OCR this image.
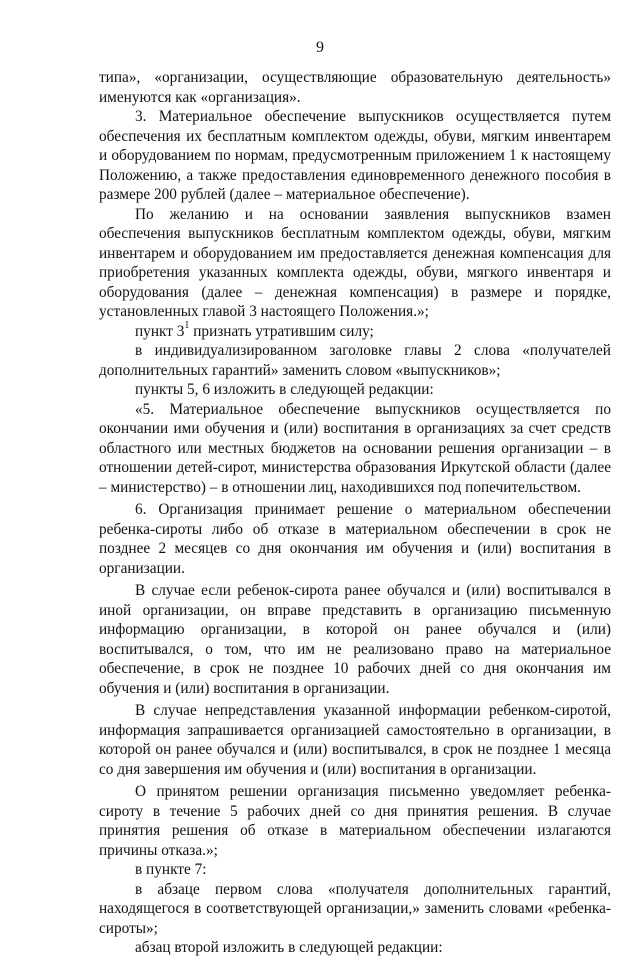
9

типа», «организации, осуществляющие образовательную деятельность» именуются как «организация».

3. Материальное обеспечение выпускников осуществляется путем обеспечения их бесплатным комплектом одежды, обуви, мягким инвентарем и оборудованием по нормам, предусмотренным приложением 1 к настоящему Положению, а также предоставления единовременного денежного пособия в размере 200 рублей (далее – материальное обеспечение).

По желанию и на основании заявления выпускников взамен обеспечения выпускников бесплатным комплектом одежды, обуви, мягким инвентарем и оборудованием им предоставляется денежная компенсация для приобретения указанных комплекта одежды, обуви, мягкого инвентаря и оборудования (далее – денежная компенсация) в размере и порядке, установленных главой 3 настоящего Положения.»;

пункт $3^1$ признать утратившим силу;

в индивидуализированном заголовке главы 2 слова «получателей дополнительных гарантий» заменить словом «выпускников»;

пункты 5, 6 изложить в следующей редакции:

«5. Материальное обеспечение выпускников осуществляется по окончании ими обучения и (или) воспитания в организациях за счет средств областного или местных бюджетов на основании решения организации – в отношении детей-сирот, министерства образования Иркутской области (далее – министерство) – в отношении лиц, находившихся под попечительством.

6. Организация принимает решение о материальном обеспечении ребенка-сироты либо об отказе в материальном обеспечении в срок не позднее 2 месяцев со дня окончания им обучения и (или) воспитания в организации.

В случае если ребенок-сирота ранее обучался и (или) воспитывался в иной организации, он вправе представить в организацию письменную информацию организации, в которой он ранее обучался и (или) воспитывался, о том, что им не реализовано право на материальное обеспечение, в срок не позднее 10 рабочих дней со дня окончания им обучения и (или) воспитания в организации.

В случае непредставления указанной информации ребенком-сиротой, информация запрашивается организацией самостоятельно в организации, в которой он ранее обучался и (или) воспитывался, в срок не позднее 1 месяца со дня завершения им обучения и (или) воспитания в организации.

О принятом решении организация письменно уведомляет ребенка-сироту в течение 5 рабочих дней со дня принятия решения. В случае принятия решения об отказе в материальном обеспечении излагаются причины отказа.»;

в пункте 7:

в абзаце первом слова «получателя дополнительных гарантий, находящегося в соответствующей организации,» заменить словами «ребенка-сироты»;

абзац второй изложить в следующей редакции:
